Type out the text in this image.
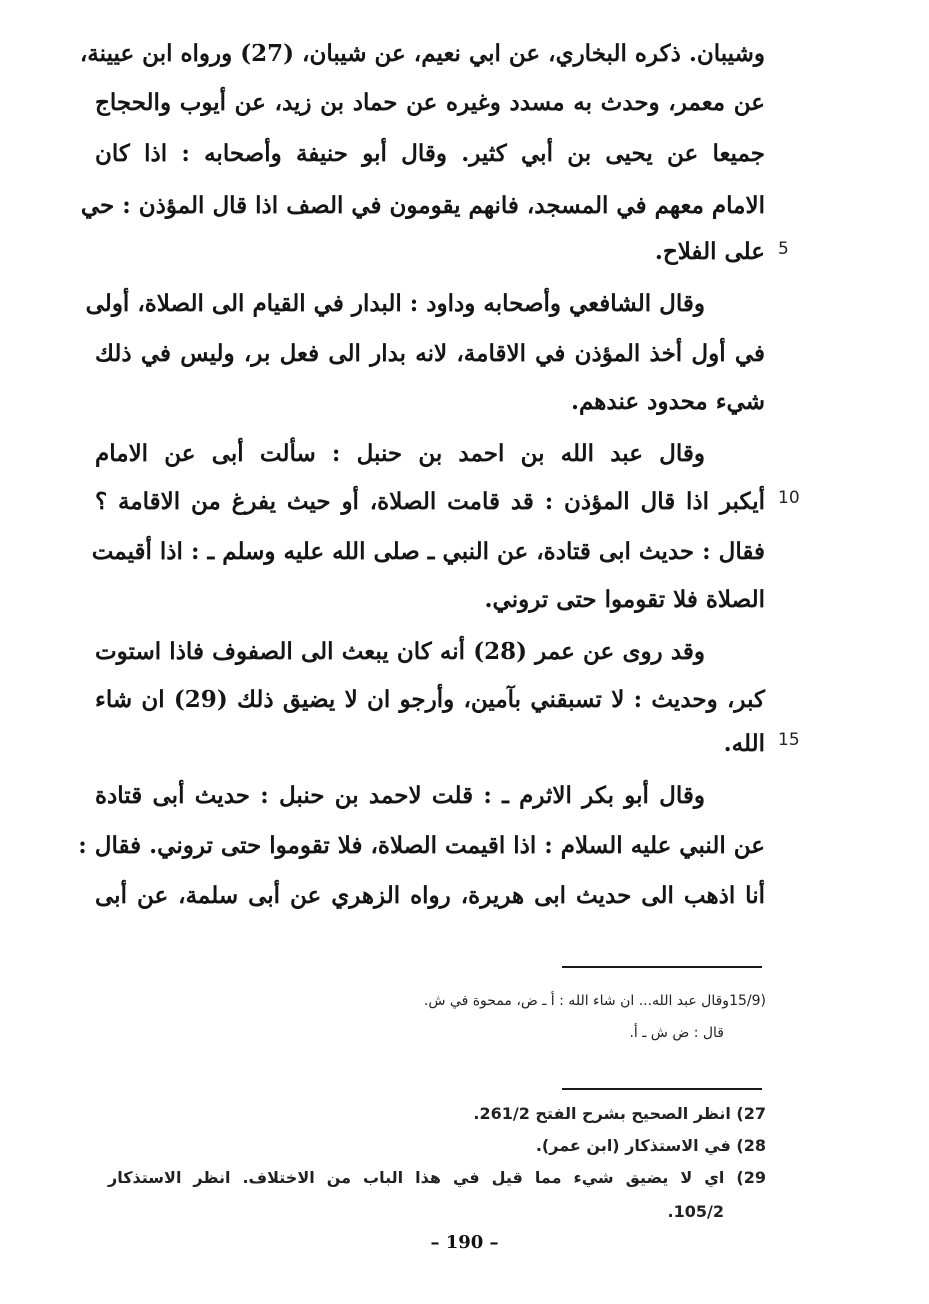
وشيبان. ذكره البخاري، عن ابي نعيم، عن شيبان، (27) ورواه ابن عيينة،
عن معمر، وحدث به مسدد وغيره عن حماد بن زيد، عن أيوب والحجاج
جميعا عن يحيى بن أبي كثير. وقال أبو حنيفة وأصحابه : اذا كان
الامام معهم في المسجد، فانهم يقومون في الصف اذا قال المؤذن : حي
على الفلاح. 5
وقال الشافعي وأصحابه وداود : البدار في القيام الى الصلاة، أولى
في أول أخذ المؤذن في الاقامة، لانه بدار الى فعل بر، وليس في ذلك
شيء محدود عندهم.
وقال عبد الله بن احمد بن حنبل : سألت أبى عن الامام
أيكبر اذا قال المؤذن : قد قامت الصلاة، أو حيث يفرغ من الاقامة ؟ 10
فقال : حديث ابى قتادة، عن النبي ـ صلى الله عليه وسلم ـ : اذا أقيمت
الصلاة فلا تقوموا حتى تروني.
وقد روى عن عمر (28) أنه كان يبعث الى الصفوف فاذا استوت
كبر، وحديث : لا تسبقني بآمين، وأرجو ان لا يضيق ذلك (29) ان شاء
الله. 15
وقال أبو بكر الاثرم ـ : قلت لاحمد بن حنبل : حديث أبى قتادة
عن النبي عليه السلام : اذا اقيمت الصلاة، فلا تقوموا حتى تروني. فقال :
أنا اذهب الى حديث ابى هريرة، رواه الزهري عن أبى سلمة، عن أبى
(15/9وقال عبد الله... ان شاء الله : أ ـ ض، ممحوة في ش.
قال : ض ش ـ أ.
27) انظر الصحيح بشرح الفتح 261/2.
28) في الاستذكار (ابن عمر).
29) اي لا يضيق شيء مما قيل في هذا الباب من الاختلاف. انظر الاستذكار
105/2.
– 190 –
